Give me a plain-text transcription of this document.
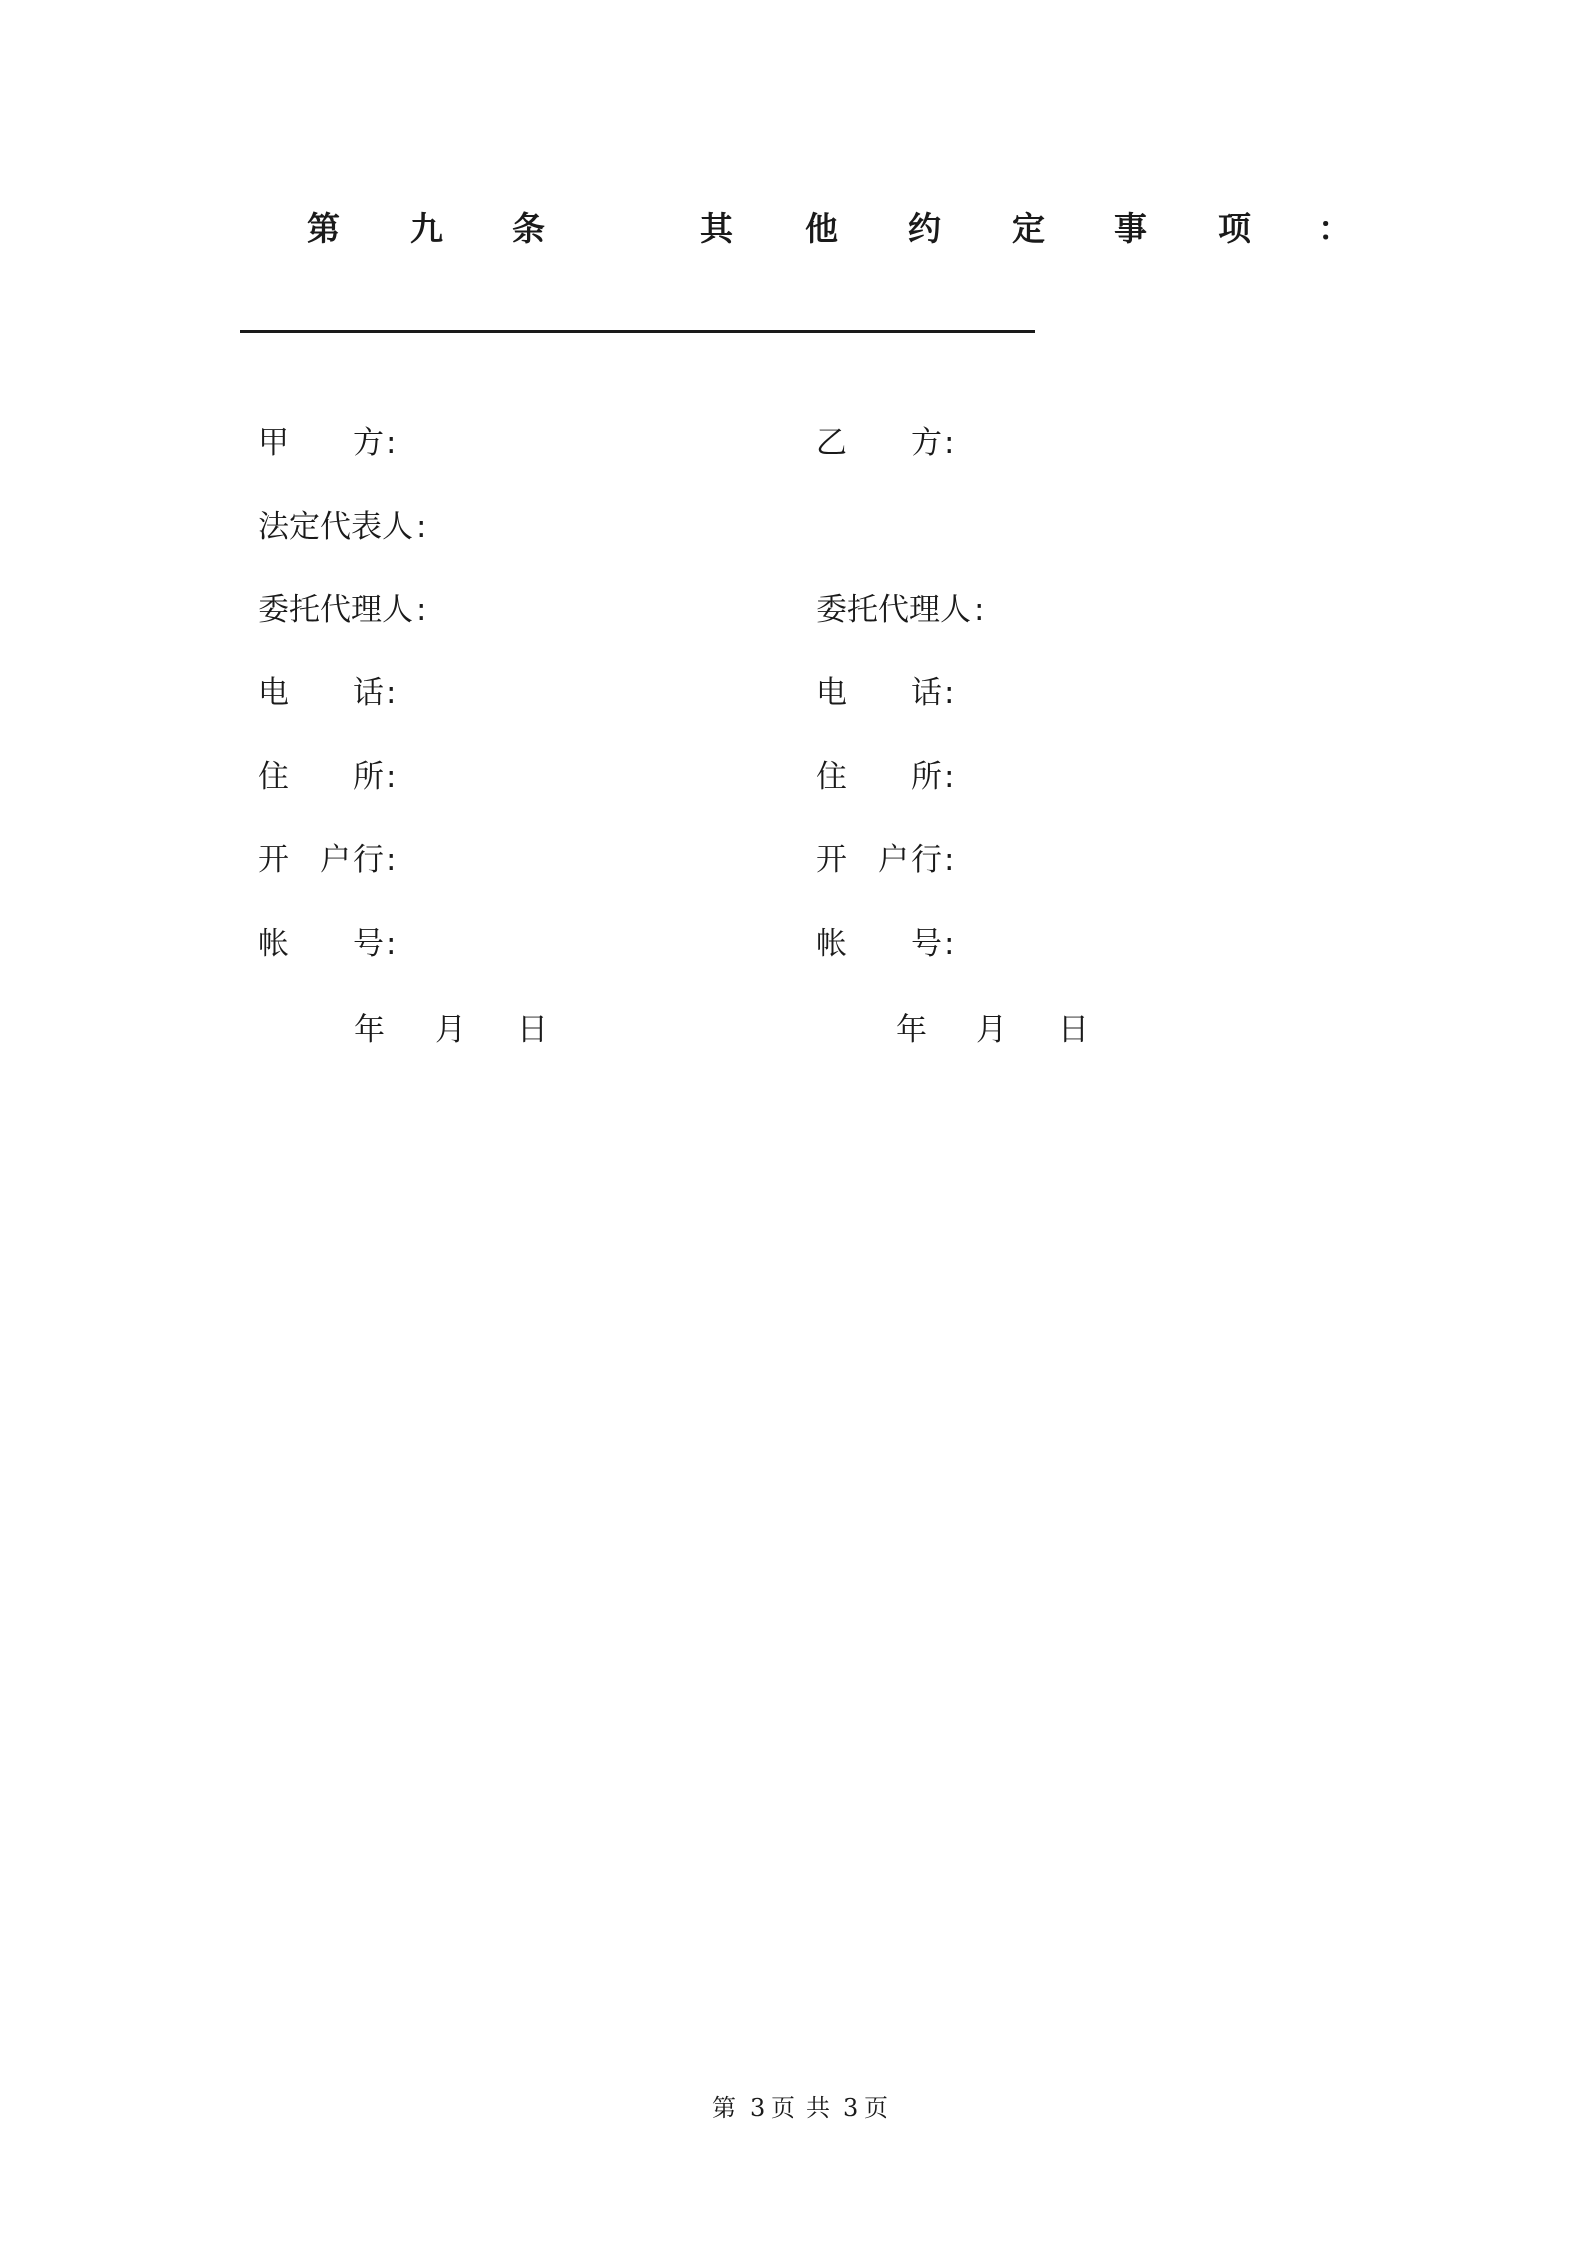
第 九 条	其 他 约 定 事 项 ：
甲 方 :
法 定 代 表 人 :
委 托 代 理 人 :
电 话 :
住 所 :
开 户 行 :
帐 号 :
年 月 日
乙 方 :
委 托 代 理 人 :
电 话 :
住 所 :
开 户 行 :
帐 号 :
年 月 日
第 3 页 共 3 页
